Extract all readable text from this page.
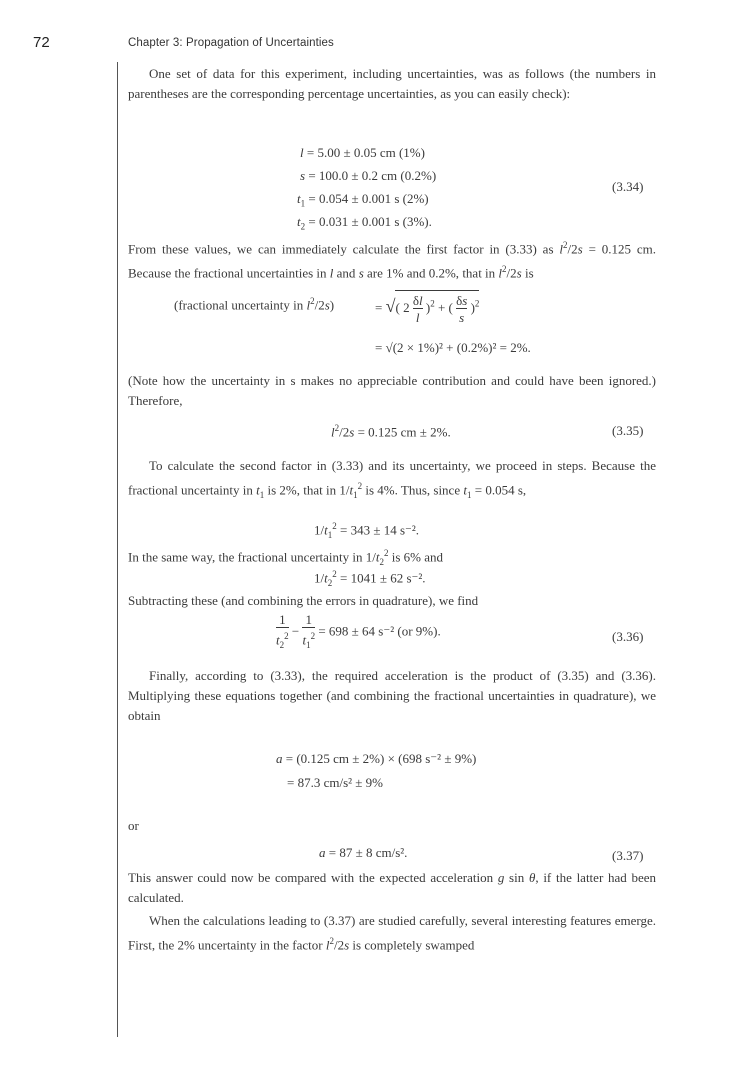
72	Chapter 3: Propagation of Uncertainties
One set of data for this experiment, including uncertainties, was as follows (the numbers in parentheses are the corresponding percentage uncertainties, as you can easily check):
l = 5.00 ± 0.05 cm (1%)
s = 100.0 ± 0.2 cm (0.2%)
$t_1 = 0.054 \pm 0.001$ s (2%)
$t_2 = 0.031 \pm 0.001$ s (3%).
(3.34)
From these values, we can immediately calculate the first factor in (3.33) as $l^2/2s = 0.125$ cm. Because the fractional uncertainties in l and s are 1% and 0.2%, that in $l^2/2s$ is
(fractional uncertainty in $l^2/2s$)	= √( $2 \frac{\delta l}{l} )^2$ + ( $\frac{\delta s}{s} )^2$
= √(2 × 1%)² + (0.2%)² = 2%.
(Note how the uncertainty in s makes no appreciable contribution and could have been ignored.) Therefore,
$l^2/2s = 0.125$ cm ± 2%.	(3.35)
To calculate the second factor in (3.33) and its uncertainty, we proceed in steps. Because the fractional uncertainty in $t_1$ is 2%, that in $1/t_1^2$ is 4%. Thus, since $t_1 = 0.054$ s,
$1/t_1^2 = 343 \pm 14$ s⁻².
In the same way, the fractional uncertainty in $1/t_2^2$ is 6% and
$1/t_2^2 = 1041 \pm 62$ s⁻².
Subtracting these (and combining the errors in quadrature), we find
$\frac{1}{t_2^2} - \frac{1}{t_1^2} = 698 \pm 64$ s⁻² (or 9%).	(3.36)
Finally, according to (3.33), the required acceleration is the product of (3.35) and (3.36). Multiplying these equations together (and combining the fractional uncertainties in quadrature), we obtain
a = (0.125 cm ± 2%) × (698 s⁻² ± 9%)
= 87.3 cm/s² ± 9%
or
a = 87 ± 8 cm/s².	(3.37)
This answer could now be compared with the expected acceleration g sin θ, if the latter had been calculated.
When the calculations leading to (3.37) are studied carefully, several interesting features emerge. First, the 2% uncertainty in the factor $l^2/2s$ is completely swamped
